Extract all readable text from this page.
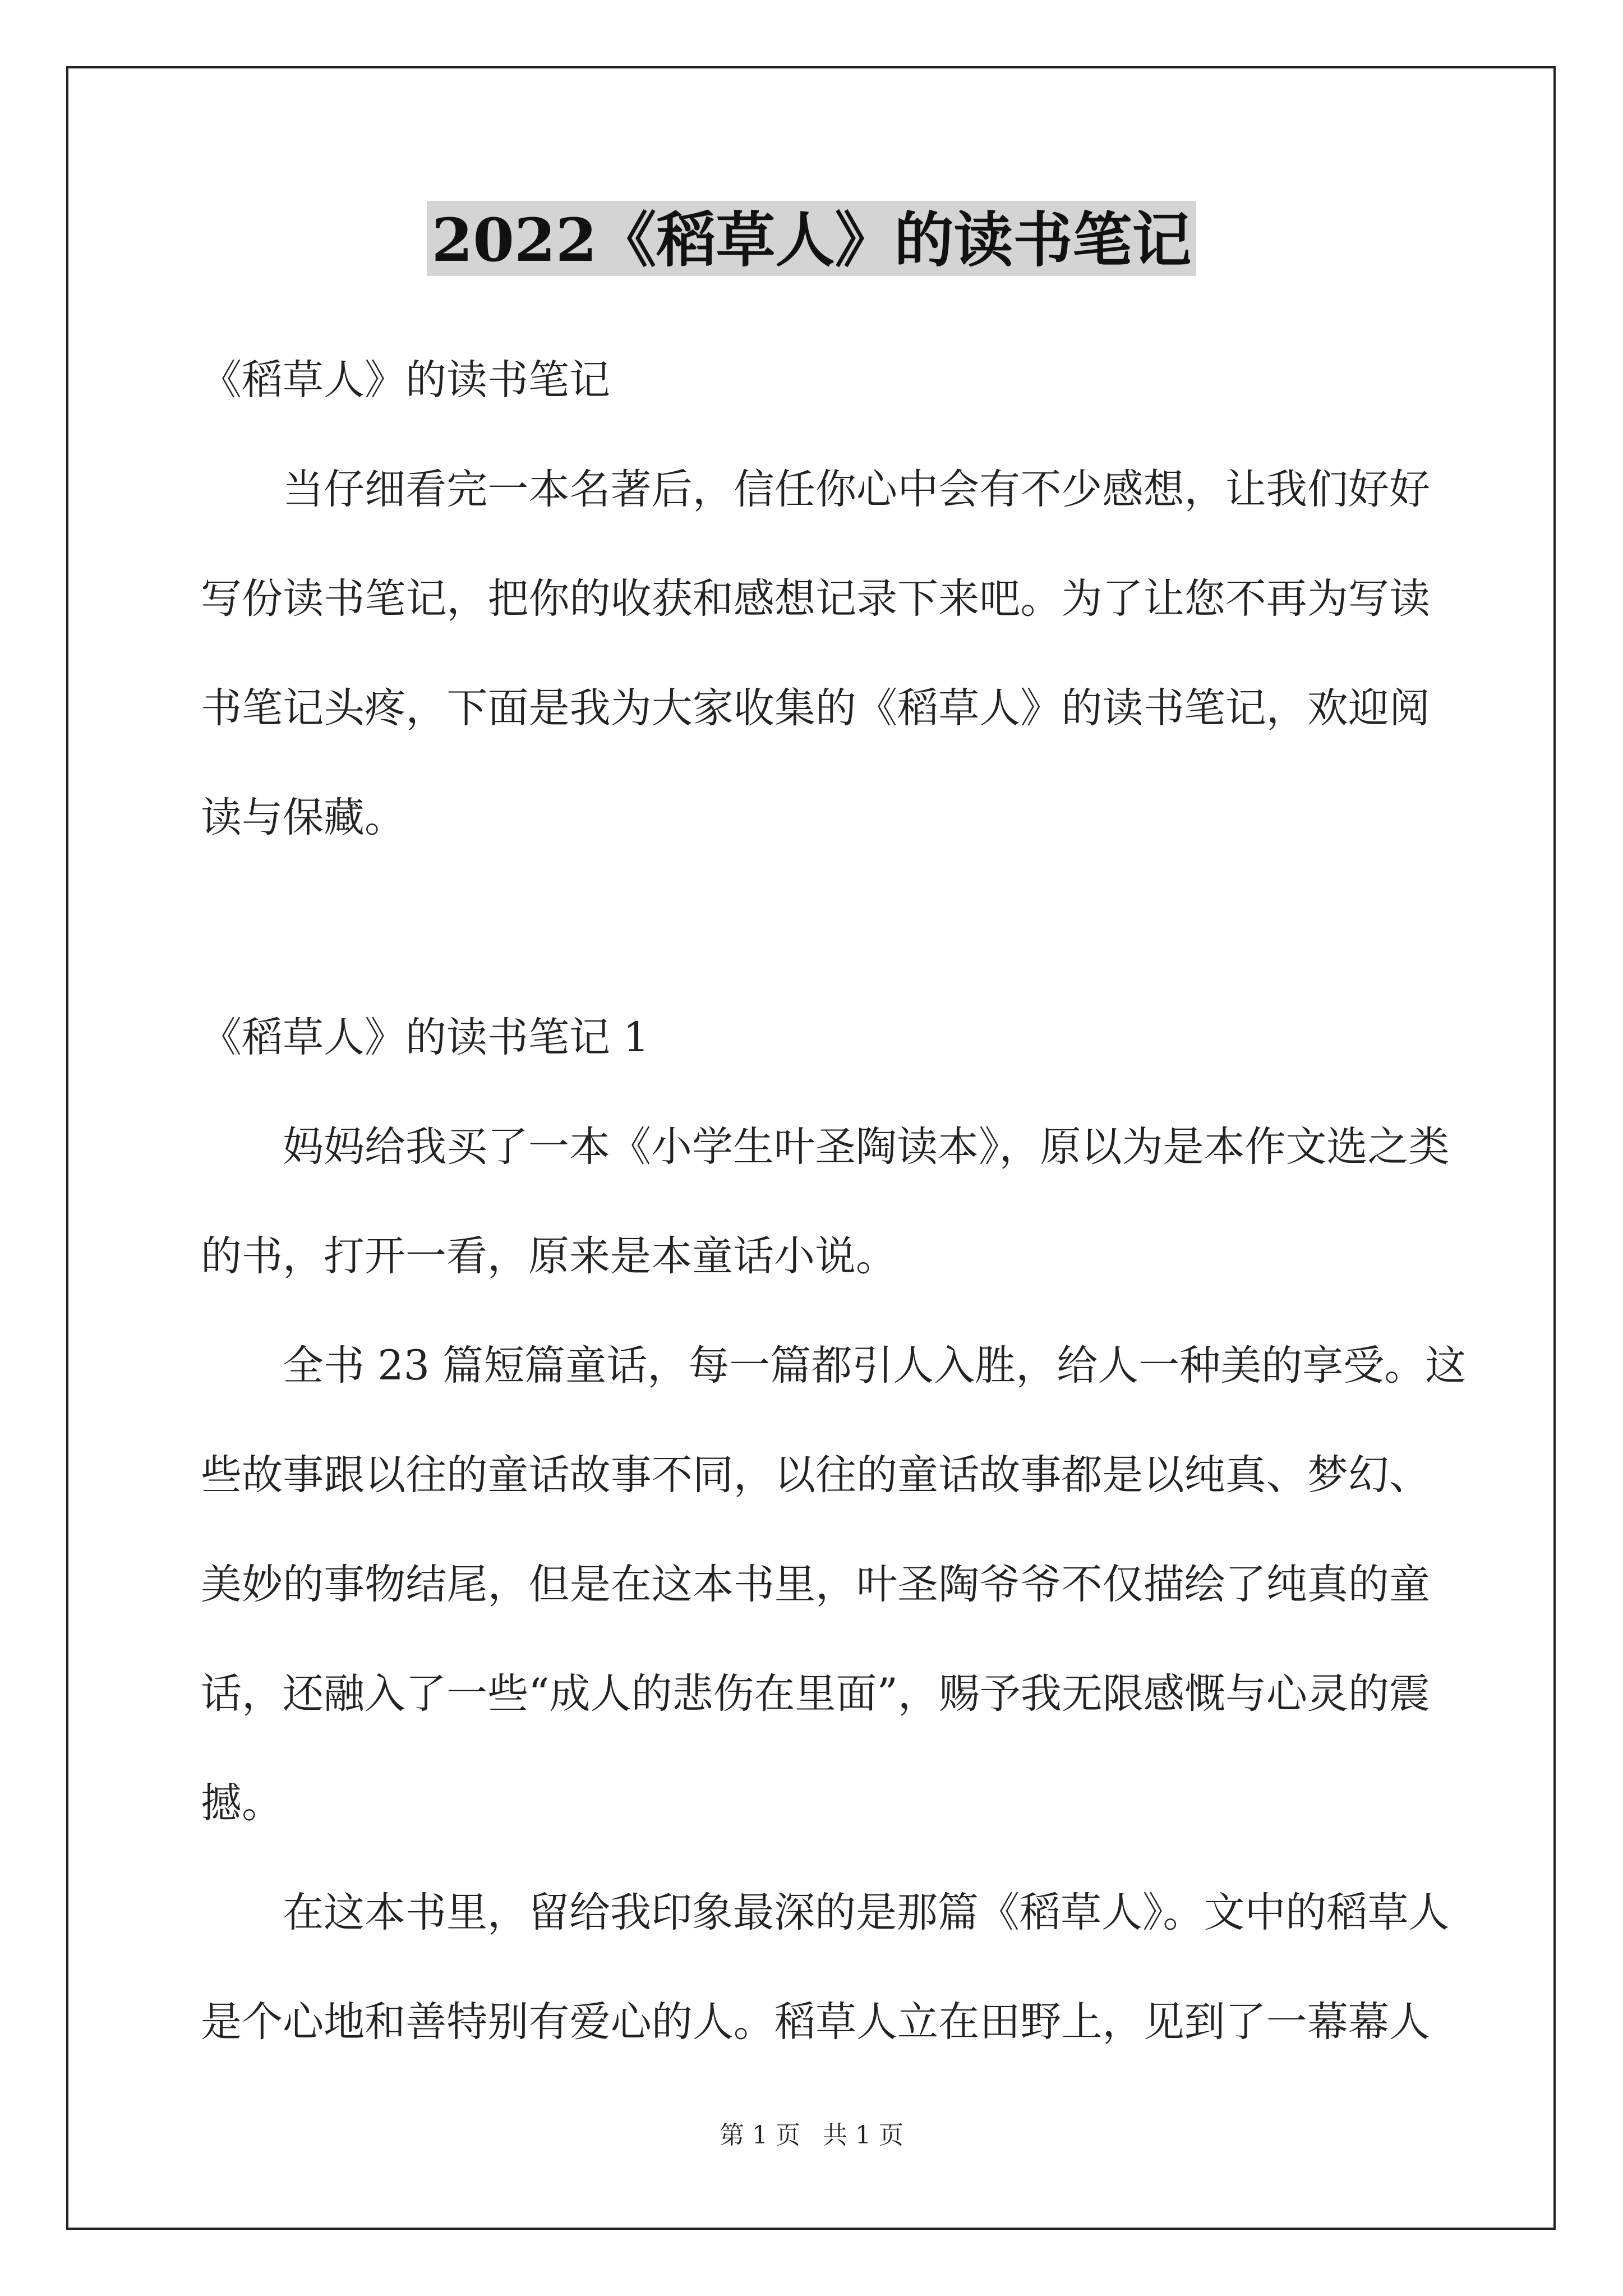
2022《稻草人》的读书笔记
《稻草人》的读书笔记
当仔细看完一本名著后，信任你心中会有不少感想，让我们好好
写份读书笔记，把你的收获和感想记录下来吧。为了让您不再为写读
书笔记头疼，下面是我为大家收集的《稻草人》的读书笔记，欢迎阅
读与保藏。
《稻草人》的读书笔记 1
妈妈给我买了一本《小学生叶圣陶读本》，原以为是本作文选之类
的书，打开一看，原来是本童话小说。
全书 23 篇短篇童话，每一篇都引人入胜，给人一种美的享受。这
些故事跟以往的童话故事不同，以往的童话故事都是以纯真、梦幻、
美妙的事物结尾，但是在这本书里，叶圣陶爷爷不仅描绘了纯真的童
话，还融入了一些“成人的悲伤在里面”，赐予我无限感慨与心灵的震
撼。
在这本书里，留给我印象最深的是那篇《稻草人》。文中的稻草人
是个心地和善特别有爱心的人。稻草人立在田野上，见到了一幕幕人
第 1 页 共 1 页
